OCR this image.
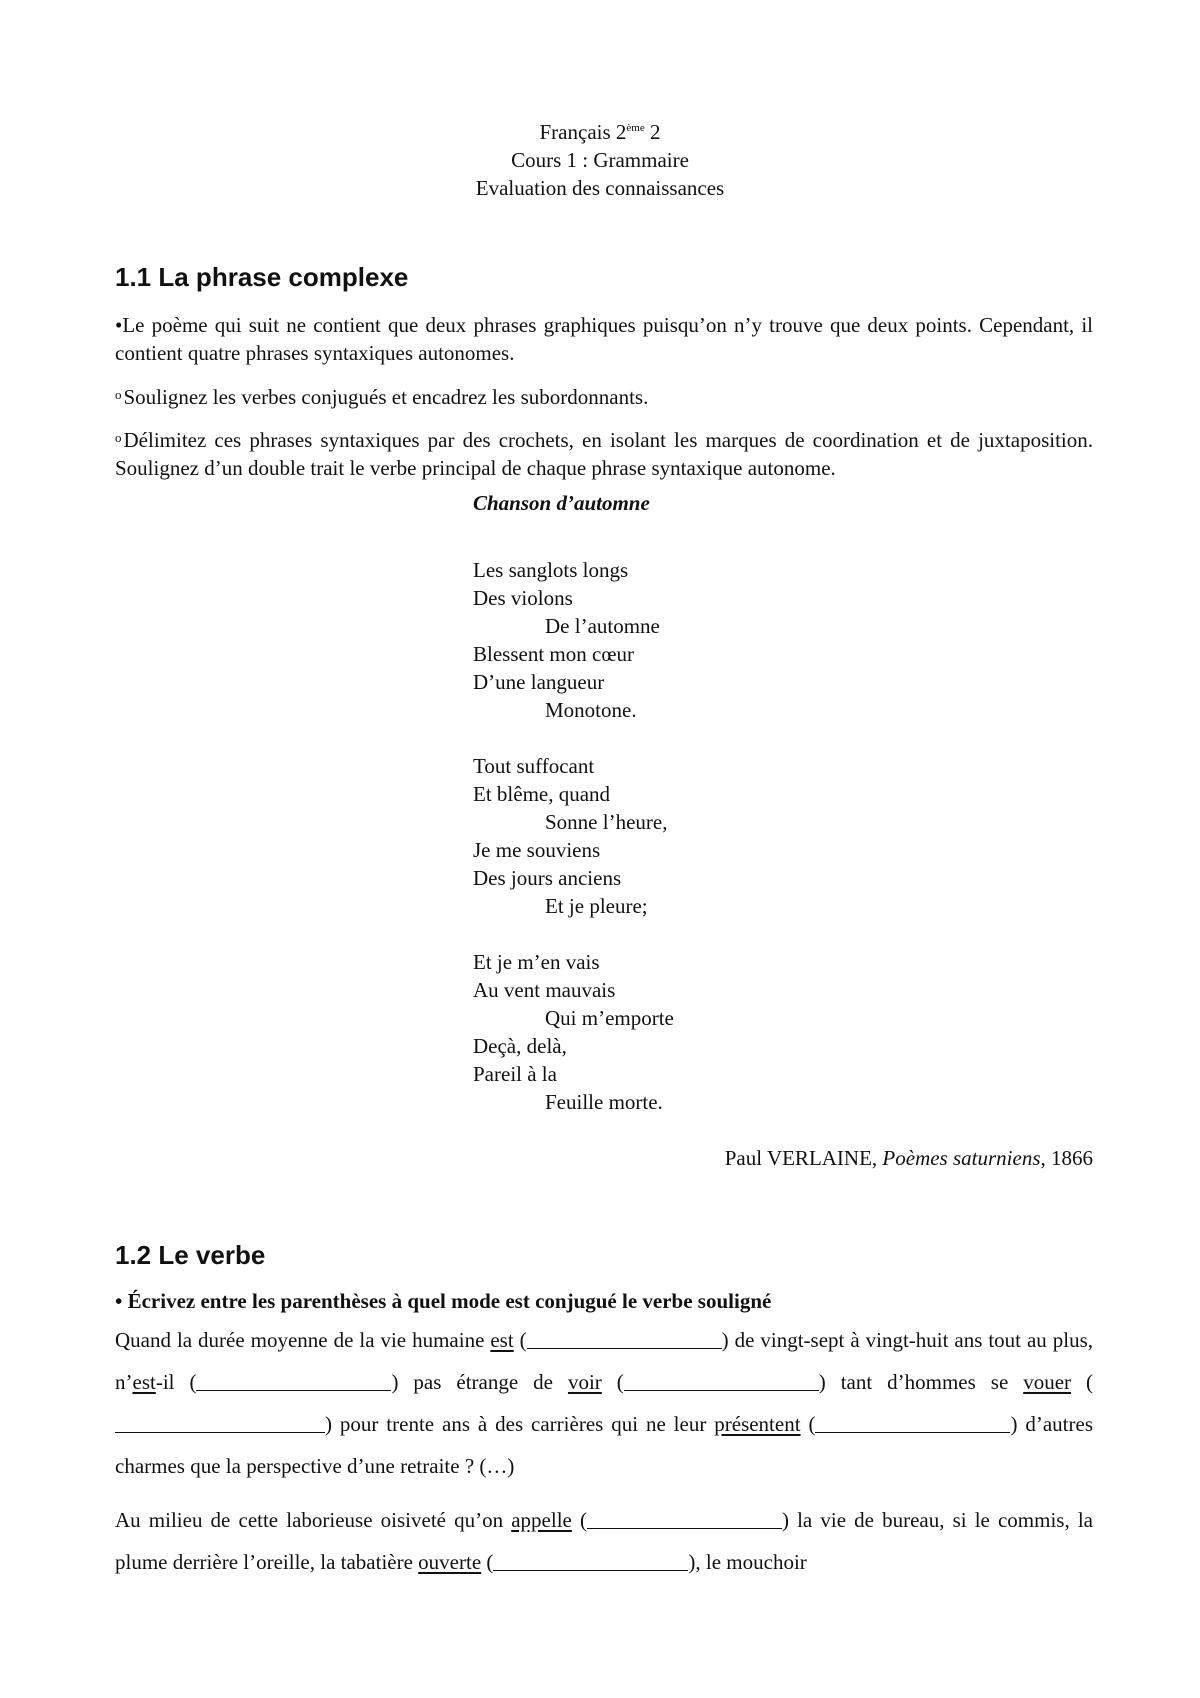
Français 2ème 2
Cours 1 : Grammaire
Evaluation des connaissances
1.1 La phrase complexe
•Le poème qui suit ne contient que deux phrases graphiques puisqu’on n’y trouve que deux points. Cependant, il contient quatre phrases syntaxiques autonomes.
$^o$Soulignez les verbes conjugués et encadrez les subordonnants.
$^o$Délimitez ces phrases syntaxiques par des crochets, en isolant les marques de coordination et de juxtaposition. Soulignez d’un double trait le verbe principal de chaque phrase syntaxique autonome.
Chanson d’automne
Les sanglots longs
Des violons
De l’automne
Blessent mon cœur
D’une langueur
Monotone.
Tout suffocant
Et blême, quand
Sonne l’heure,
Je me souviens
Des jours anciens
Et je pleure;
Et je m’en vais
Au vent mauvais
Qui m’emporte
Deçà, delà,
Pareil à la
Feuille morte.
Paul VERLAINE, Poèmes saturniens, 1866
1.2 Le verbe
• Écrivez entre les parenthèses à quel mode est conjugué le verbe souligné
Quand la durée moyenne de la vie humaine est (	) de vingt-sept à vingt-huit ans tout au plus, n’est-il (	) pas étrange de voir (	) tant d’hommes se vouer () pour trente ans à des carrières qui ne leur présentent (	) d’autres charmes que la perspective d’une retraite ? (…)
Au milieu de cette laborieuse oisiveté qu’on appelle (	) la vie de bureau, si le commis, la plume derrière l’oreille, la tabatière ouverte (	), le mouchoir
